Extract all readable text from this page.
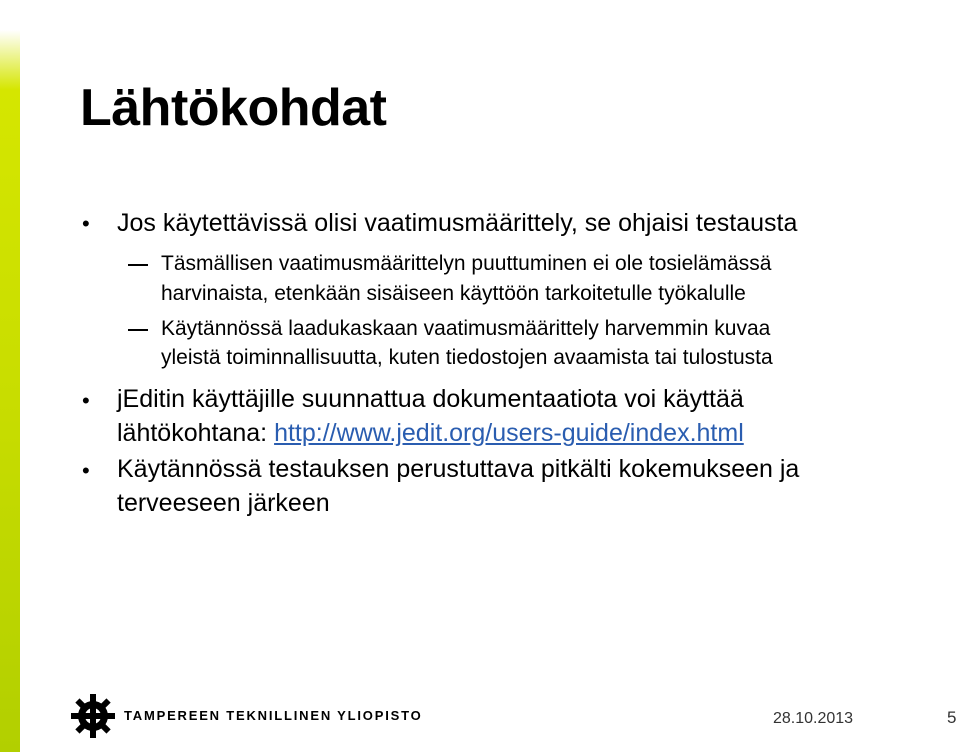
Lähtökohdat
• Jos käytettävissä olisi vaatimusmäärittely, se ohjaisi testausta

Täsmällisen vaatimusmäärittelyn puuttuminen ei ole tosielämässä

harvinaista, etenkään sisäiseen käyttöön tarkoitetulle työkalulle

Käytännössä laadukaskaan vaatimusmäärittely harvemmin kuvaa

yleistä toiminnallisuutta, kuten tiedostojen avaamista tai tulostusta

• jEditin käyttäjille suunnattua dokumentaatiota voi käyttää

lähtökohtana: http://www.jedit.org/users-guide/index.html

• Käytännössä testauksen perustuttava pitkälti kokemukseen ja

terveeseen järkeen

TAMPEREEN TEKNILLINEN YLIOPISTO	28.10.2013	5
